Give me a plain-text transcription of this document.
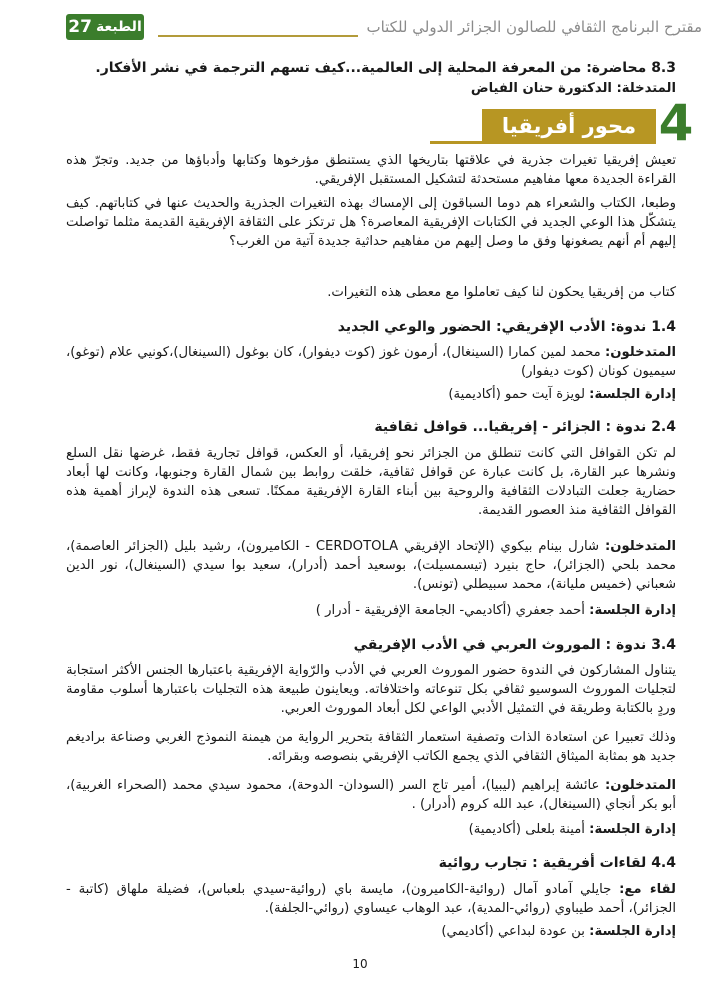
مقترح البرنامج الثقافي للصالون الجزائر الدولي للكتاب
الطبعة
27
8.3 محاضرة: من المعرفة المحلية إلى العالمية...كيف تسهم الترجمة في نشر الأفكار.
المتدخلة: الدكتورة حنان الفياض
محور أفريقيا 4
تعيش إفريقيا تغيرات جذرية في علاقتها بتاريخها الذي يستنطق مؤرخوها وكتابها وأدباؤها من جديد. وتجرّ هذه القراءة الجديدة معها مفاهيم مستحدثة لتشكيل المستقبل الإفريقي.
وطبعا، الكتاب والشعراء هم دوما السباقون إلى الإمساك بهذه التغيرات الجذرية والحديث عنها في كتاباتهم. كيف يتشكّل هذا الوعي الجديد في الكتابات الإفريقية المعاصرة؟ هل ترتكز على الثقافة الإفريقية القديمة مثلما تواصلت إليهم أم أنهم يصغونها وفق ما وصل إليهم من مفاهيم حداثية جديدة آتية من الغرب؟
كتاب من إفريقيا يحكون لنا كيف تعاملوا مع معطى هذه التغيرات.
1.4 ندوة: الأدب الإفريقي: الحضور والوعي الجديد
المتدخلون: محمد لمين كمارا (السينغال)، أرمون غوز (كوت ديفوار)، كان بوغول (السينغال)،كونيي علام (توغو)، سيميون كونان (كوت ديفوار)
إدارة الجلسة: لويزة آيت حمو (أكاديمية)
2.4 ندوة : الجزائر - إفريقيا... قوافل ثقافية
لم تكن القوافل التي كانت تنطلق من الجزائر نحو إفريقيا، أو العكس، قوافل تجارية فقط، غرضها نقل السلع ونشرها عبر القارة، بل كانت عبارة عن قوافل ثقافية، خلقت روابط بين شمال القارة وجنوبها، وكانت لها أبعاد حضارية جعلت التبادلات الثقافية والروحية بين أبناء القارة الإفريقية ممكنًا. تسعى هذه الندوة لإبراز أهمية هذه القوافل الثقافية منذ العصور القديمة.
المتدخلون: شارل بينام بيكوي (الإتحاد الإفريقي CERDOTOLA - الكاميرون)، رشيد بليل (الجزائر العاصمة)، محمد بلحي (الجزائر)، حاج بنيرد (تيسمسيلت)، بوسعيد أحمد (أدرار)، سعيد بوا سيدي (السينغال)، نور الدين شعباني (خميس مليانة)، محمد سبيطلي (تونس).
إدارة الجلسة: أحمد جعفري (أكاديمي- الجامعة الإفريقية - أدرار )
3.4 ندوة : الموروث العربي في الأدب الإفريقي
يتناول المشاركون في الندوة حضور الموروث العربي في الأدب والرّواية الإفريقية باعتبارها الجنس الأكثر استجابة لتجليات الموروث السوسيو ثقافي بكل تنوعاته واختلافاته. ويعاينون طبيعة هذه التجليات باعتبارها أسلوب مقاومة وردٍ بالكتابة وطريقة في التمثيل الأدبي الواعي لكل أبعاد الموروث العربي.
وذلك تعبيرا عن استعادة الذات وتصفية استعمار الثقافة بتحرير الرواية من هيمنة النموذج الغربي وصناعة براديغم جديد هو بمثابة الميثاق الثقافي الذي يجمع الكاتب الإفريقي بنصوصه وبقرائه.
المتدخلون: عائشة إبراهيم (ليبيا)، أمير تاج السر (السودان- الدوحة)، محمود سيدي محمد (الصحراء الغربية)، أبو بكر أنجاي (السينغال)، عبد الله كروم (أدرار) .
إدارة الجلسة: أمينة بلعلى (أكاديمية)
4.4 لقاءات أفريقية : تجارب روائية
لقاء مع: جايلي آمادو آمال (روائية-الكاميرون)، مايسة باي (روائية-سيدي بلعباس)، فضيلة ملهاق (كاتبة - الجزائر)، أحمد طيباوي (روائي-المدية)، عبد الوهاب عيساوي (روائي-الجلفة).
إدارة الجلسة: بن عودة لبداعي (أكاديمي)
10
